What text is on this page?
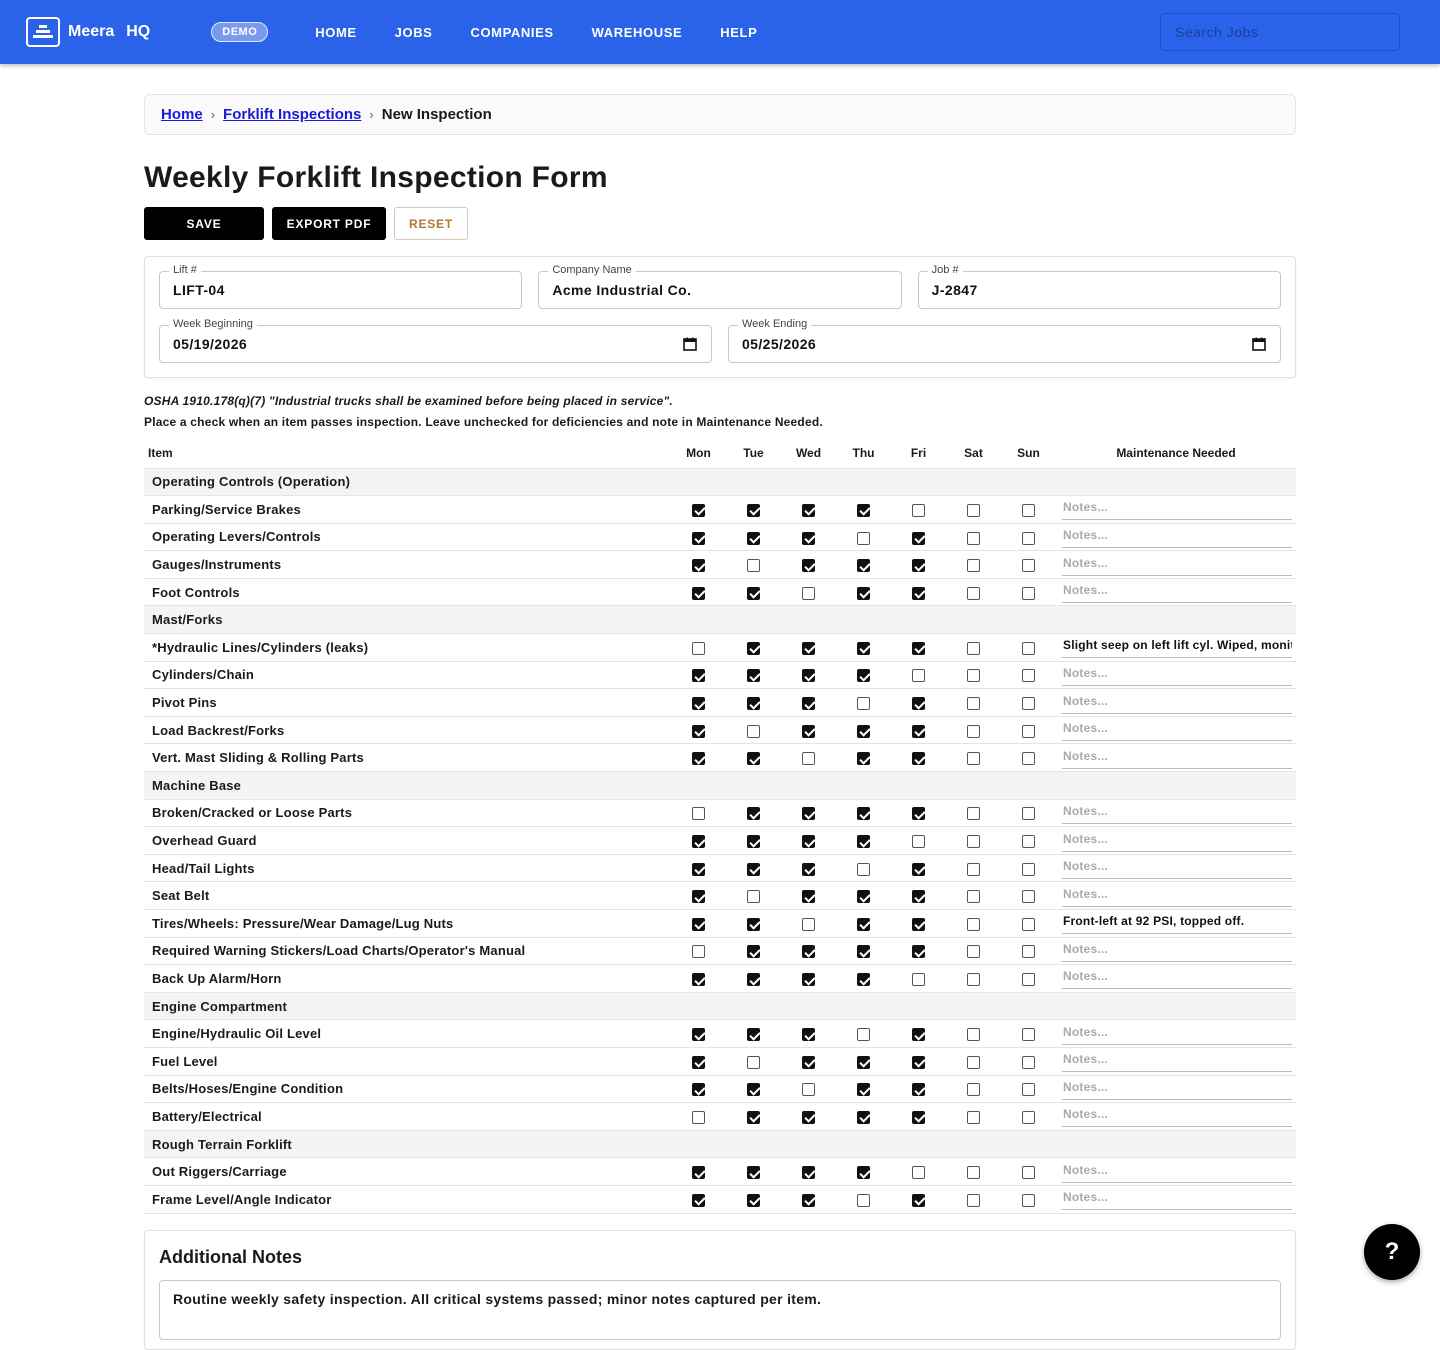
Meera HQ	DEMO	HOME	JOBS	COMPANIES	WAREHOUSE	HELP
Search Jobs
Home › Forklift Inspections › New Inspection
Weekly Forklift Inspection Form
SAVE	EXPORT PDF	RESET
Lift #
LIFT-04	Company Name
Acme Industrial Co.	Job #
J-2847
Week Beginning
05/19/2026	Week Ending
05/25/2026
OSHA 1910.178(q)(7) "Industrial trucks shall be examined before being placed in service".
Place a check when an item passes inspection. Leave unchecked for deficiencies and note in Maintenance Needed.
Item	Mon	Tue	Wed	Thu	Fri	Sat	Sun	Maintenance Needed
Operating Controls (Operation)								
Parking/Service Brakes								Notes...
Operating Levers/Controls								Notes...
Gauges/Instruments								Notes...
Foot Controls								Notes...
Mast/Forks								
*Hydraulic Lines/Cylinders (leaks)								Slight seep on left lift cyl. Wiped, monitor
Cylinders/Chain								Notes...
Pivot Pins								Notes...
Load Backrest/Forks								Notes...
Vert. Mast Sliding & Rolling Parts								Notes...
Machine Base								
Broken/Cracked or Loose Parts								Notes...
Overhead Guard								Notes...
Head/Tail Lights								Notes...
Seat Belt								Notes...
Tires/Wheels: Pressure/Wear Damage/Lug Nuts								Front-left at 92 PSI, topped off.
Required Warning Stickers/Load Charts/Operator's Manual								Notes...
Back Up Alarm/Horn								Notes...
Engine Compartment								
Engine/Hydraulic Oil Level								Notes...
Fuel Level								Notes...
Belts/Hoses/Engine Condition								Notes...
Battery/Electrical								Notes...
Rough Terrain Forklift								
Out Riggers/Carriage								Notes...
Frame Level/Angle Indicator								Notes...
Additional Notes
Routine weekly safety inspection. All critical systems passed; minor notes captured per item.
?
